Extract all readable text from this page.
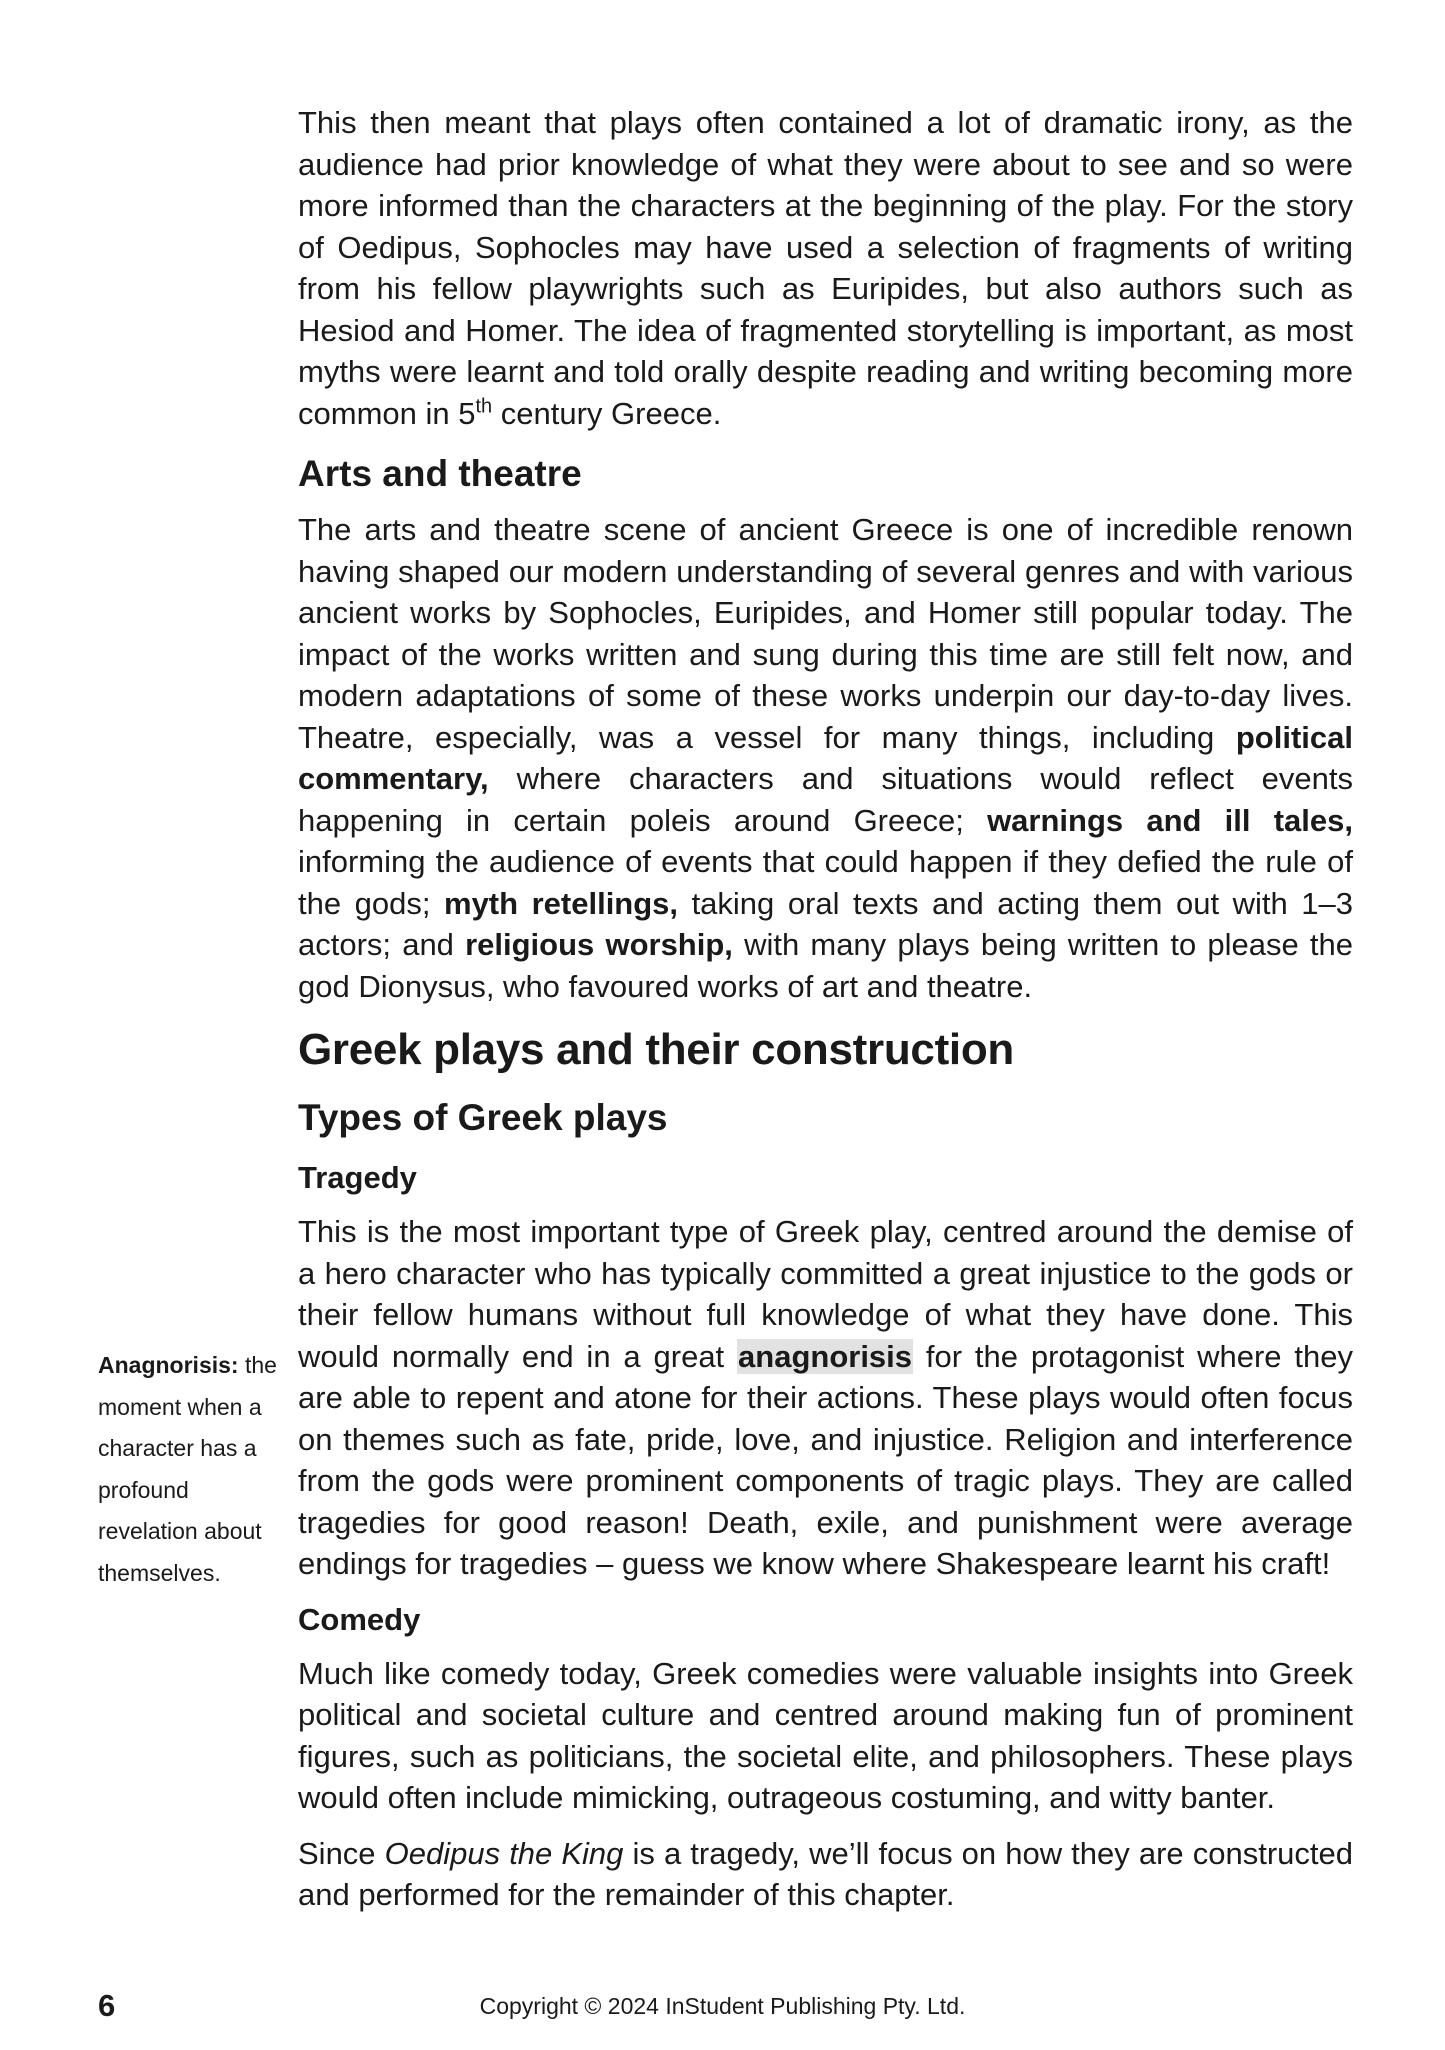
This then meant that plays often contained a lot of dramatic irony, as the audience had prior knowledge of what they were about to see and so were more informed than the characters at the beginning of the play. For the story of Oedipus, Sophocles may have used a selection of fragments of writing from his fellow playwrights such as Euripides, but also authors such as Hesiod and Homer. The idea of fragmented storytelling is important, as most myths were learnt and told orally despite reading and writing becoming more common in 5th century Greece.

Arts and theatre

The arts and theatre scene of ancient Greece is one of incredible renown having shaped our modern understanding of several genres and with various ancient works by Sophocles, Euripides, and Homer still popular today. The impact of the works written and sung during this time are still felt now, and modern adaptations of some of these works underpin our day-to-day lives. Theatre, especially, was a vessel for many things, including political commentary, where characters and situations would reflect events happening in certain poleis around Greece; warnings and ill tales, informing the audience of events that could happen if they defied the rule of the gods; myth retellings, taking oral texts and acting them out with 1–3 actors; and religious worship, with many plays being written to please the god Dionysus, who favoured works of art and theatre.

Greek plays and their construction
Types of Greek plays
Tragedy

This is the most important type of Greek play, centred around the demise of a hero character who has typically committed a great injustice to the gods or their fellow humans without full knowledge of what they have done. This would normally end in a great anagnorisis for the protagonist where they are able to repent and atone for their actions. These plays would often focus on themes such as fate, pride, love, and injustice. Religion and interference from the gods were prominent components of tragic plays. They are called tragedies for good reason! Death, exile, and punishment were average endings for tragedies – guess we know where Shakespeare learnt his craft!

Comedy

Much like comedy today, Greek comedies were valuable insights into Greek political and societal culture and centred around making fun of prominent figures, such as politicians, the societal elite, and philosophers. These plays would often include mimicking, outrageous costuming, and witty banter.

Since Oedipus the King is a tragedy, we’ll focus on how they are constructed and performed for the remainder of this chapter.

Anagnorisis: the moment when a character has a profound revelation about themselves.
6	Copyright © 2024 InStudent Publishing Pty. Ltd.
